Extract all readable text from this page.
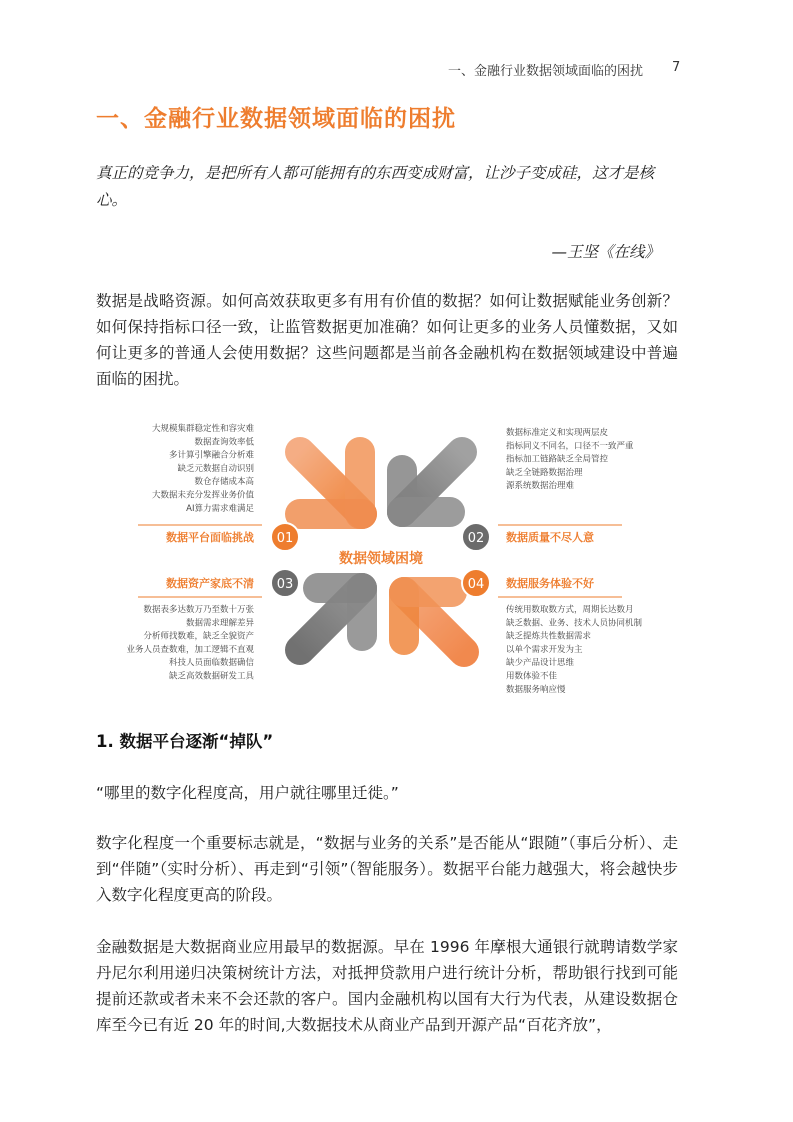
一、金融行业数据领域面临的困扰 7
一、金融行业数据领域面临的困扰
真正的竞争力，是把所有人都可能拥有的东西变成财富，让沙子变成硅，这才是核心。
—王坚《在线》
数据是战略资源。如何高效获取更多有用有价值的数据？如何让数据赋能业务创新？如何保持指标口径一致，让监管数据更加准确？如何让更多的业务人员懂数据，又如何让更多的普通人会使用数据？这些问题都是当前各金融机构在数据领域建设中普遍面临的困扰。
数据领域困境
01	02
03	04
数据平台面临挑战	数据质量不尽人意
数据资产家底不清	数据服务体验不好
大规模集群稳定性和容灾难
数据查询效率低
多计算引擎融合分析难
缺乏元数据自动识别
数仓存储成本高
大数据未充分发挥业务价值
AI算力需求难满足
数据标准定义和实现两层皮
指标同义不同名，口径不一致严重
指标加工链路缺乏全局管控
缺乏全链路数据治理
源系统数据治理难
数据表多达数万乃至数十万张
数据需求理解差异
分析师找数难，缺乏全貌资产
业务人员查数难，加工逻辑不直观
科技人员面临数据确信
缺乏高效数据研发工具
传统用数取数方式，周期长达数月
缺乏数据、业务、技术人员协同机制
缺乏提炼共性数据需求
以单个需求开发为主
缺少产品设计思维
用数体验不佳
数据服务响应慢
1. 数据平台逐渐“掉队”
“哪里的数字化程度高，用户就往哪里迁徙。”
数字化程度一个重要标志就是，“数据与业务的关系”是否能从“跟随”（事后分析）、走到“伴随”（实时分析）、再走到“引领”（智能服务）。数据平台能力越强大，将会越快步入数字化程度更高的阶段。
金融数据是大数据商业应用最早的数据源。早在 1996 年摩根大通银行就聘请数学家丹尼尔利用递归决策树统计方法，对抵押贷款用户进行统计分析，帮助银行找到可能提前还款或者未来不会还款的客户。国内金融机构以国有大行为代表，从建设数据仓库至今已有近 20 年的时间,大数据技术从商业产品到开源产品“百花齐放”，
